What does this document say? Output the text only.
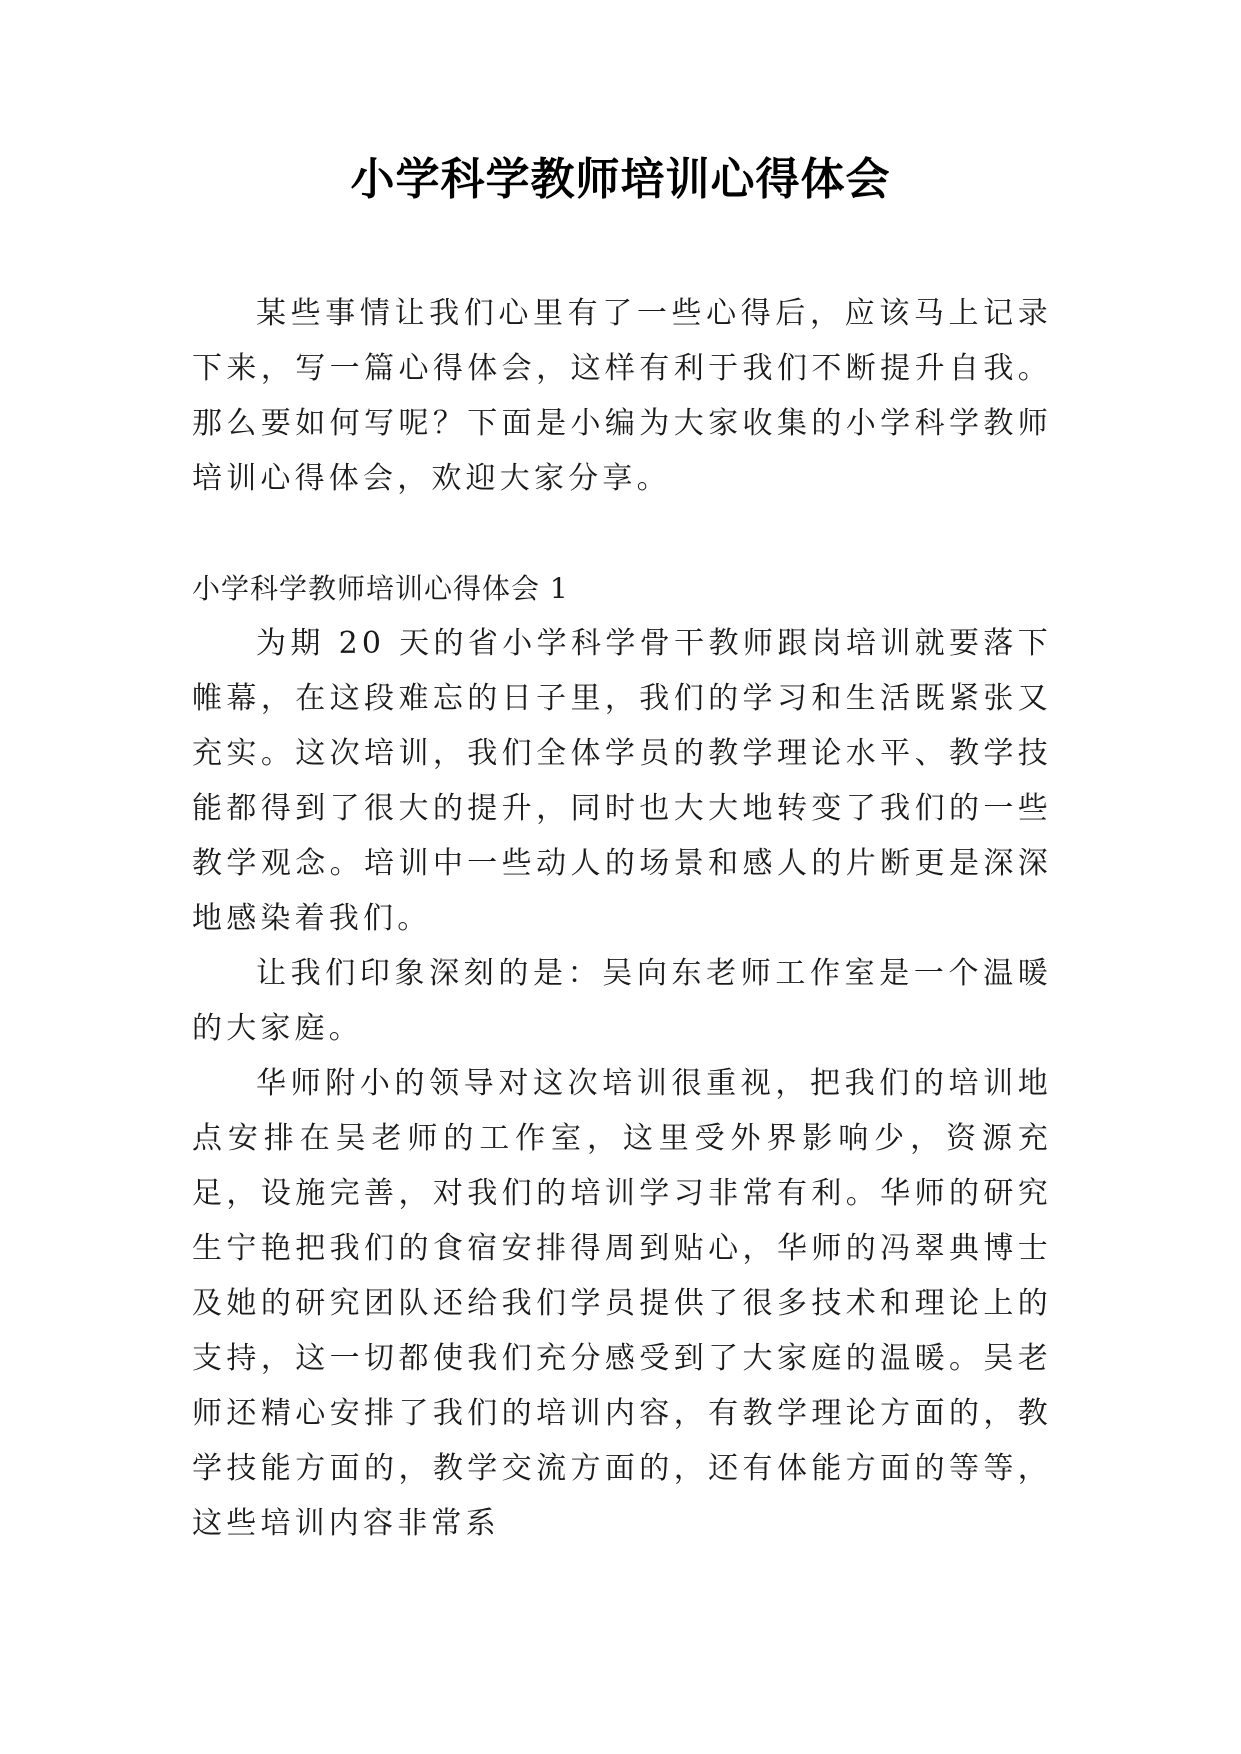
小学科学教师培训心得体会

某些事情让我们心里有了一些心得后，应该马上记录下来，写一篇心得体会，这样有利于我们不断提升自我。那么要如何写呢？下面是小编为大家收集的小学科学教师培训心得体会，欢迎大家分享。

小学科学教师培训心得体会 1

为期 20 天的省小学科学骨干教师跟岗培训就要落下帷幕，在这段难忘的日子里，我们的学习和生活既紧张又充实。这次培训，我们全体学员的教学理论水平、教学技能都得到了很大的提升，同时也大大地转变了我们的一些教学观念。培训中一些动人的场景和感人的片断更是深深地感染着我们。

让我们印象深刻的是：吴向东老师工作室是一个温暖的大家庭。

华师附小的领导对这次培训很重视，把我们的培训地点安排在吴老师的工作室，这里受外界影响少，资源充足，设施完善，对我们的培训学习非常有利。华师的研究生宁艳把我们的食宿安排得周到贴心，华师的冯翠典博士及她的研究团队还给我们学员提供了很多技术和理论上的支持，这一切都使我们充分感受到了大家庭的温暖。吴老师还精心安排了我们的培训内容，有教学理论方面的，教学技能方面的，教学交流方面的，还有体能方面的等等，这些培训内容非常系
